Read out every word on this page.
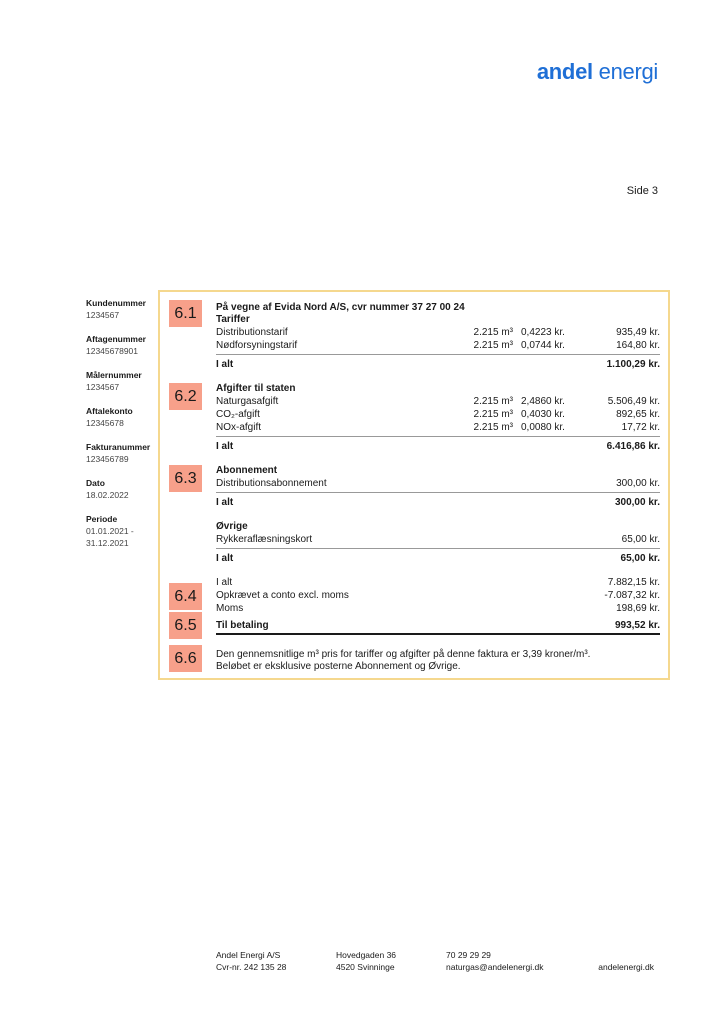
andel energi
Side 3
Kundenummer
1234567
Aftagenummer
12345678901
Målernummer
1234567
Aftalekonto
12345678
Fakturanummer
123456789
Dato
18.02.2022
Periode
01.01.2021 -
31.12.2021
6.1
6.2
6.3
6.4
6.5
6.6
På vegne af Evida Nord A/S, cvr nummer 37 27 00 24
Tariffer
Distributionstarif	2.215 m³ 0,4223 kr.	935,49 kr.
Nødforsyningstarif	2.215 m³ 0,0744 kr.	164,80 kr.
I alt	1.100,29 kr.
Afgifter til staten
Naturgasafgift	2.215 m³ 2,4860 kr.	5.506,49 kr.
CO₂-afgift	2.215 m³ 0,4030 kr.	892,65 kr.
NOx-afgift	2.215 m³ 0,0080 kr.	17,72 kr.
I alt	6.416,86 kr.
Abonnement
Distributionsabonnement	300,00 kr.
I alt	300,00 kr.
Øvrige
Rykkeraflæsningskort	65,00 kr.
I alt	65,00 kr.
I alt	7.882,15 kr.
Opkrævet a conto excl. moms	-7.087,32 kr.
Moms	198,69 kr.
Til betaling	993,52 kr.
Den gennemsnitlige m³ pris for tariffer og afgifter på denne faktura er 3,39 kroner/m³.
Beløbet er eksklusive posterne Abonnement og Øvrige.
Andel Energi A/S
Cvr-nr. 242 135 28
Hovedgaden 36
4520 Svinninge
70 29 29 29
naturgas@andelenergi.dk	andelenergi.dk
